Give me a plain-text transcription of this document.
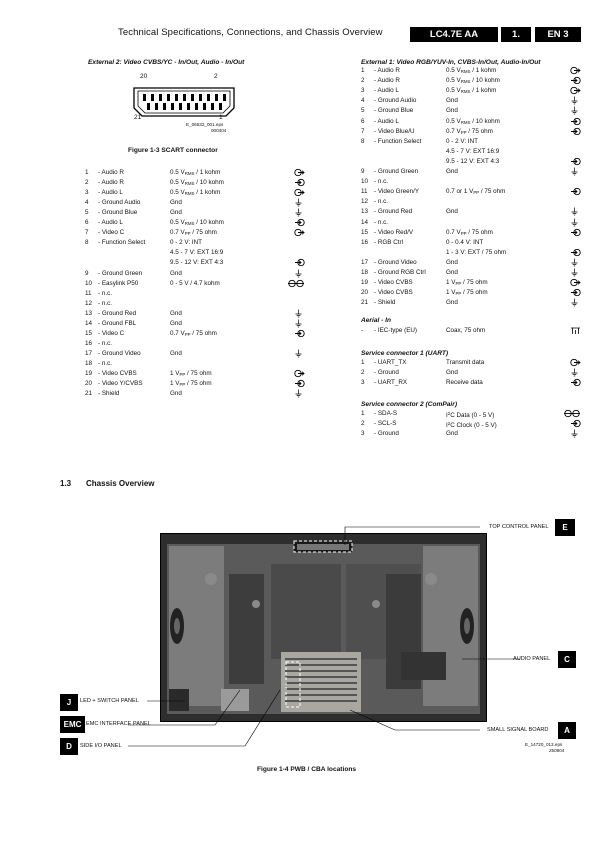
Technical Specifications, Connections, and Chassis Overview	LC4.7E AA	1.	EN 3
External 2: Video CVBS/YC - In/Out, Audio - In/Out
20	2
21	1
E_06532_001.eps
000404
Figure 1-3 SCART connector
1 - Audio R	0.5 $V_{RMS} / 1$ kohm
2 - Audio R	0.5 $V_{RMS} / 10$ kohm
3 - Audio L	0.5 $V_{RMS} / 1$ kohm
4 - Ground Audio	Gnd
5 - Ground Blue	Gnd
6 - Audio L	0.5 $V_{RMS} / 10$ kohm
7 - Video C	0.7 $V_{PP} / 75$ ohm
8 - Function Select	0 - 2 V: INT
4.5 - 7 V: EXT 16:9
9.5 - 12 V: EXT 4:3
9 - Ground Green	Gnd
10 - Easylink P50	0 - 5 V / 4.7 kohm
11 - n.c.
12 - n.c.
13 - Ground Red	Gnd
14 - Ground FBL	Gnd
15 - Video C	0.7 $V_{PP} / 75$ ohm
16 - n.c.
17 - Ground Video	Gnd
18 - n.c.
19 - Video CVBS	1 $V_{PP} / 75$ ohm
20 - Video Y/CVBS	1 $V_{PP} / 75$ ohm
21 - Shield	Gnd
External 1: Video RGB/YUV-In, CVBS-In/Out, Audio-In/Out
1 - Audio R	0.5 $V_{RMS} / 1$ kohm
2 - Audio R	0.5 $V_{RMS} / 10$ kohm
3 - Audio L	0.5 $V_{RMS} / 1$ kohm
4 - Ground Audio	Gnd
5 - Ground Blue	Gnd
6 - Audio L	0.5 $V_{RMS} / 10$ kohm
7 - Video Blue/U	0.7 $V_{PP} / 75$ ohm
8 - Function Select	0 - 2 V: INT
4.5 - 7 V: EXT 16:9
9.5 - 12 V: EXT 4:3
9 - Ground Green	Gnd
10 - n.c.
11 - Video Green/Y	0.7 or 1 $V_{PP} / 75$ ohm
12 - n.c.
13 - Ground Red	Gnd
14 - n.c.
15 - Video Red/V	0.7 $V_{PP} / 75$ ohm
16 - RGB Ctrl	0 - 0.4 V: INT
1 - 3 V: EXT / 75 ohm
17 - Ground Video	Gnd
18 - Ground RGB Ctrl	Gnd
19 - Video CVBS	1 $V_{PP} / 75$ ohm
20 - Video CVBS	1 $V_{PP} / 75$ ohm
21 - Shield	Gnd
Aerial - In
- - IEC-type (EU)	Coax, 75 ohm
Service connector 1 (UART)
1 - UART_TX	Transmit data
2 - Ground	Gnd
3 - UART_RX	Receive data
Service connector 2 (ComPair)
1 - SDA-S	$I^2C$ Data (0 - 5 V)
2 - SCL-S	$I^2C$ Clock (0 - 5 V)
3 - Ground	Gnd
1.3 Chassis Overview
TOP CONTROL PANEL	E
AUDIO PANEL	C
J	LED + SWITCH PANEL
EMC EMC INTERFACE PANEL
D	SIDE I/O PANEL
SMALL SIGNAL BOARD	A
E_14720_013.eps
250804
Figure 1-4 PWB / CBA locations
